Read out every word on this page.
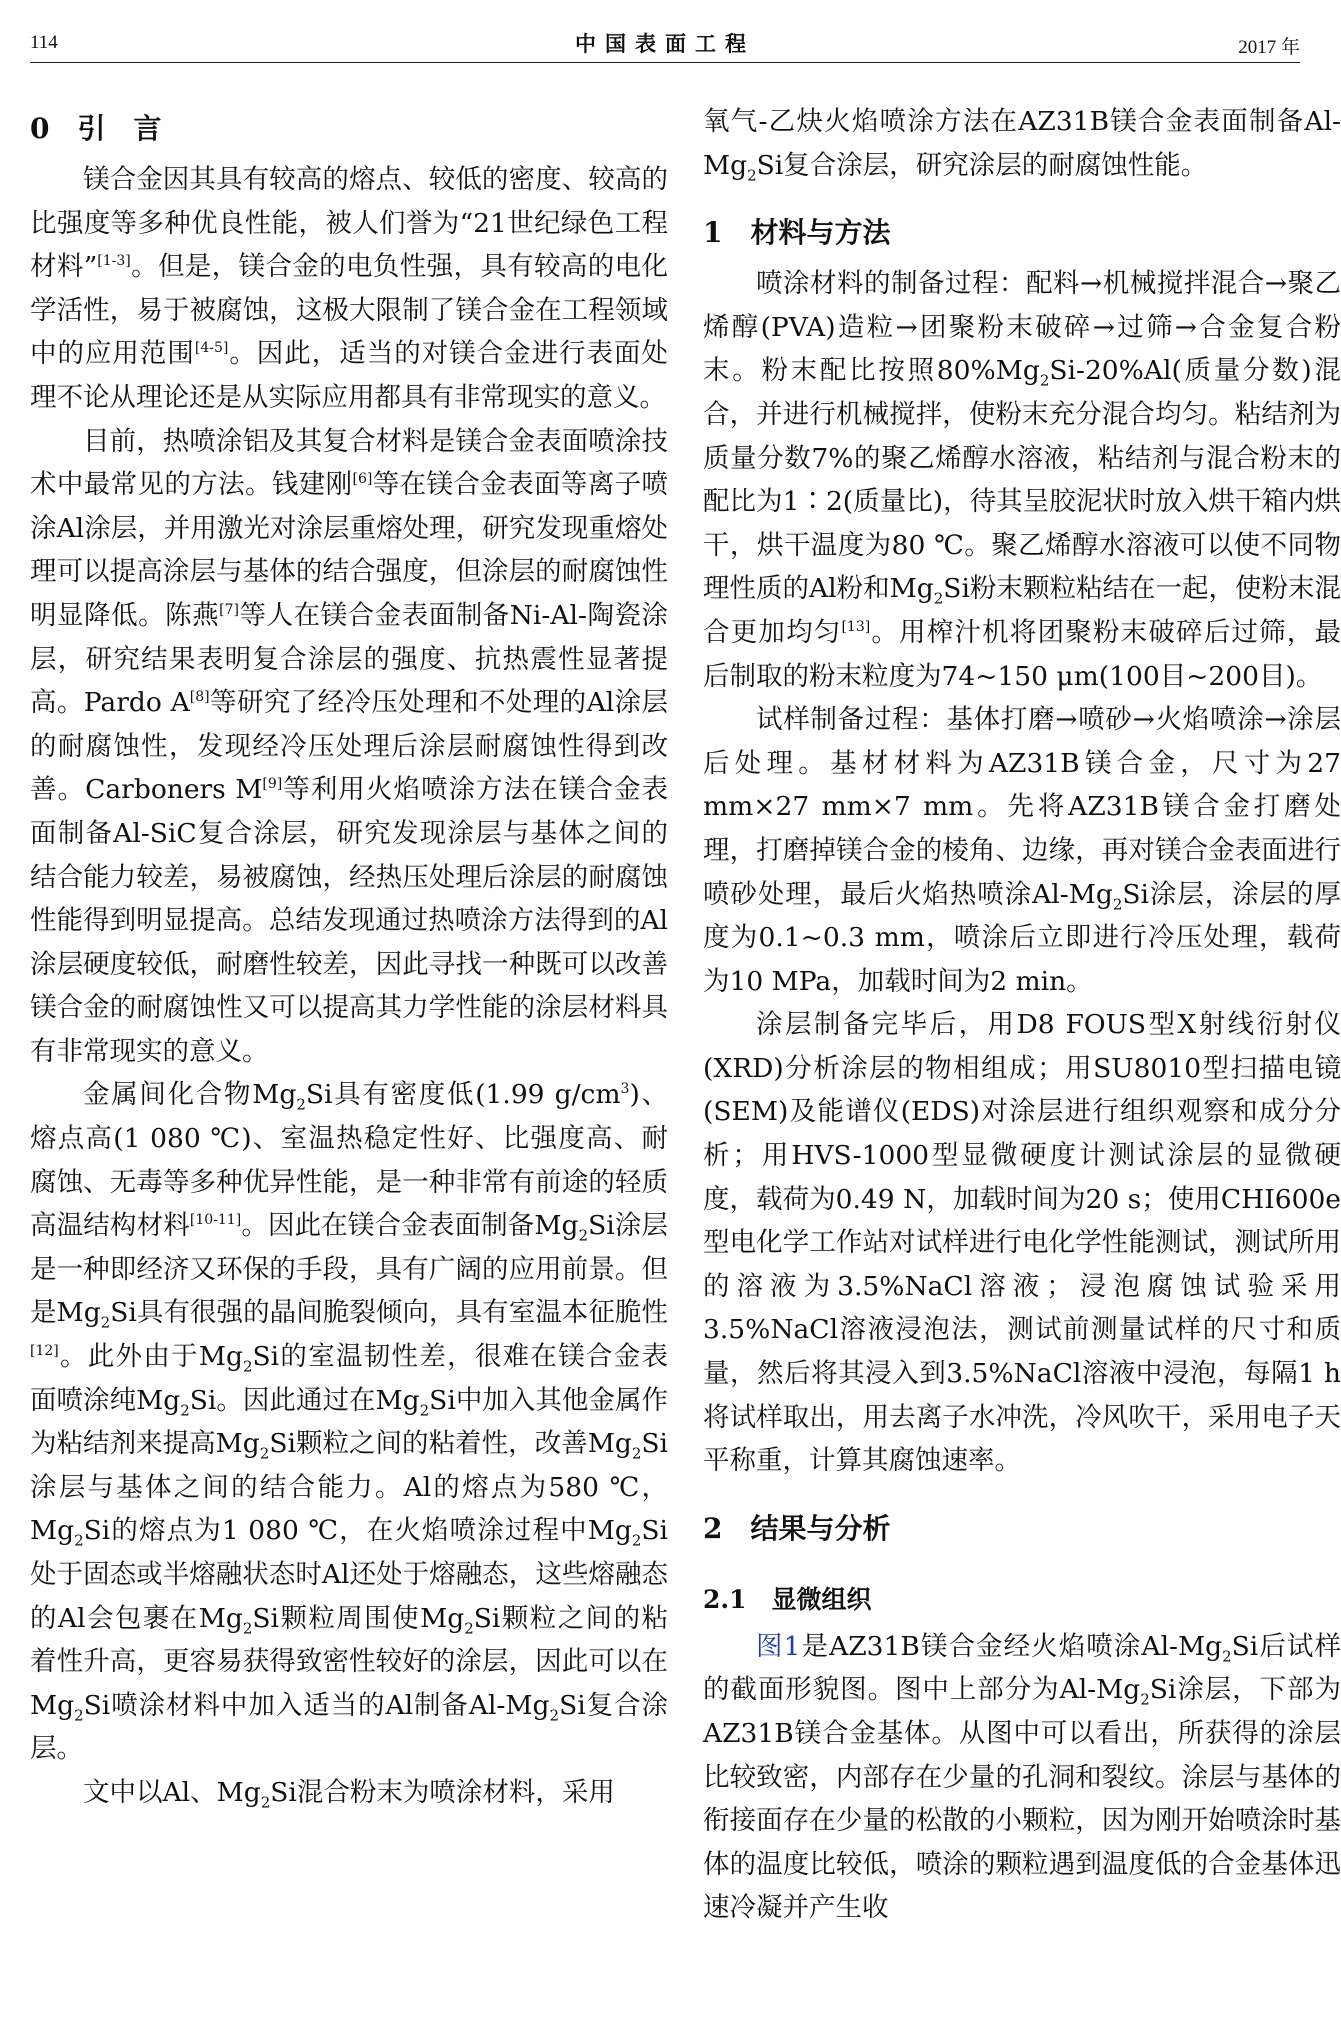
114	中国表面工程	2017 年
0　引　言

镁合金因其具有较高的熔点、较低的密度、较高的比强度等多种优良性能，被人们誉为“21世纪绿色工程材料”[1-3]。但是，镁合金的电负性强，具有较高的电化学活性，易于被腐蚀，这极大限制了镁合金在工程领域中的应用范围[4-5]。因此，适当的对镁合金进行表面处理不论从理论还是从实际应用都具有非常现实的意义。

目前，热喷涂铝及其复合材料是镁合金表面喷涂技术中最常见的方法。钱建刚[6]等在镁合金表面等离子喷涂Al涂层，并用激光对涂层重熔处理，研究发现重熔处理可以提高涂层与基体的结合强度，但涂层的耐腐蚀性明显降低。陈燕[7]等人在镁合金表面制备Ni-Al-陶瓷涂层，研究结果表明复合涂层的强度、抗热震性显著提高。Pardo A[8]等研究了经冷压处理和不处理的Al涂层的耐腐蚀性，发现经冷压处理后涂层耐腐蚀性得到改善。Carboners M[9]等利用火焰喷涂方法在镁合金表面制备Al-SiC复合涂层，研究发现涂层与基体之间的结合能力较差，易被腐蚀，经热压处理后涂层的耐腐蚀性能得到明显提高。总结发现通过热喷涂方法得到的Al涂层硬度较低，耐磨性较差，因此寻找一种既可以改善镁合金的耐腐蚀性又可以提高其力学性能的涂层材料具有非常现实的意义。

金属间化合物$Mg_2Si$具有密度低(1.99 $g/cm^3$)、熔点高(1 080 ℃)、室温热稳定性好、比强度高、耐腐蚀、无毒等多种优异性能，是一种非常有前途的轻质高温结构材料[10-11]。因此在镁合金表面制备$Mg_2Si$涂层是一种即经济又环保的手段，具有广阔的应用前景。但是$Mg_2Si$具有很强的晶间脆裂倾向，具有室温本征脆性[12]。此外由于$Mg_2Si$的室温韧性差，很难在镁合金表面喷涂纯$Mg_2Si$。因此通过在$Mg_2Si$中加入其他金属作为粘结剂来提高$Mg_2Si$颗粒之间的粘着性，改善$Mg_2Si$涂层与基体之间的结合能力。Al的熔点为580 ℃，$Mg_2Si$的熔点为1 080 ℃，在火焰喷涂过程中$Mg_2Si$处于固态或半熔融状态时Al还处于熔融态，这些熔融态的Al会包裹在$Mg_2Si$颗粒周围使$Mg_2Si$颗粒之间的粘着性升高，更容易获得致密性较好的涂层，因此可以在$Mg_2Si$喷涂材料中加入适当的Al制备$Al-Mg_2Si$复合涂层。

文中以Al、$Mg_2Si$混合粉末为喷涂材料，采用

氧气-乙炔火焰喷涂方法在AZ31B镁合金表面制备$Al-Mg_2Si$复合涂层，研究涂层的耐腐蚀性能。

1　材料与方法

喷涂材料的制备过程：配料→机械搅拌混合→聚乙烯醇(PVA)造粒→团聚粉末破碎→过筛→合金复合粉末。粉末配比按照$80\%Mg_2Si-20\%Al$(质量分数)混合，并进行机械搅拌，使粉末充分混合均匀。粘结剂为质量分数7%的聚乙烯醇水溶液，粘结剂与混合粉末的配比为1∶2(质量比)，待其呈胶泥状时放入烘干箱内烘干，烘干温度为80 ℃。聚乙烯醇水溶液可以使不同物理性质的Al粉和$Mg_2Si$粉末颗粒粘结在一起，使粉末混合更加均匀[13]。用榨汁机将团聚粉末破碎后过筛，最后制取的粉末粒度为74~150 μm(100目~200目)。

试样制备过程：基体打磨→喷砂→火焰喷涂→涂层后处理。基材材料为AZ31B镁合金，尺寸为27 mm×27 mm×7 mm。先将AZ31B镁合金打磨处理，打磨掉镁合金的棱角、边缘，再对镁合金表面进行喷砂处理，最后火焰热喷涂$Al-Mg_2Si$涂层，涂层的厚度为0.1~0.3 mm，喷涂后立即进行冷压处理，载荷为10 MPa，加载时间为2 min。

涂层制备完毕后，用D8 FOUS型X射线衍射仪(XRD)分析涂层的物相组成；用SU8010型扫描电镜(SEM)及能谱仪(EDS)对涂层进行组织观察和成分分析；用HVS-1000型显微硬度计测试涂层的显微硬度，载荷为0.49 N，加载时间为20 s；使用CHI600e型电化学工作站对试样进行电化学性能测试，测试所用的溶液为3.5%NaCl溶液；浸泡腐蚀试验采用3.5%NaCl溶液浸泡法，测试前测量试样的尺寸和质量，然后将其浸入到3.5%NaCl溶液中浸泡，每隔1 h将试样取出，用去离子水冲洗，冷风吹干，采用电子天平称重，计算其腐蚀速率。

2　结果与分析
2.1　显微组织

图1是AZ31B镁合金经火焰喷涂$Al-Mg_2Si$后试样的截面形貌图。图中上部分为$Al-Mg_2Si$涂层，下部为AZ31B镁合金基体。从图中可以看出，所获得的涂层比较致密，内部存在少量的孔洞和裂纹。涂层与基体的衔接面存在少量的松散的小颗粒，因为刚开始喷涂时基体的温度比较低，喷涂的颗粒遇到温度低的合金基体迅速冷凝并产生收
